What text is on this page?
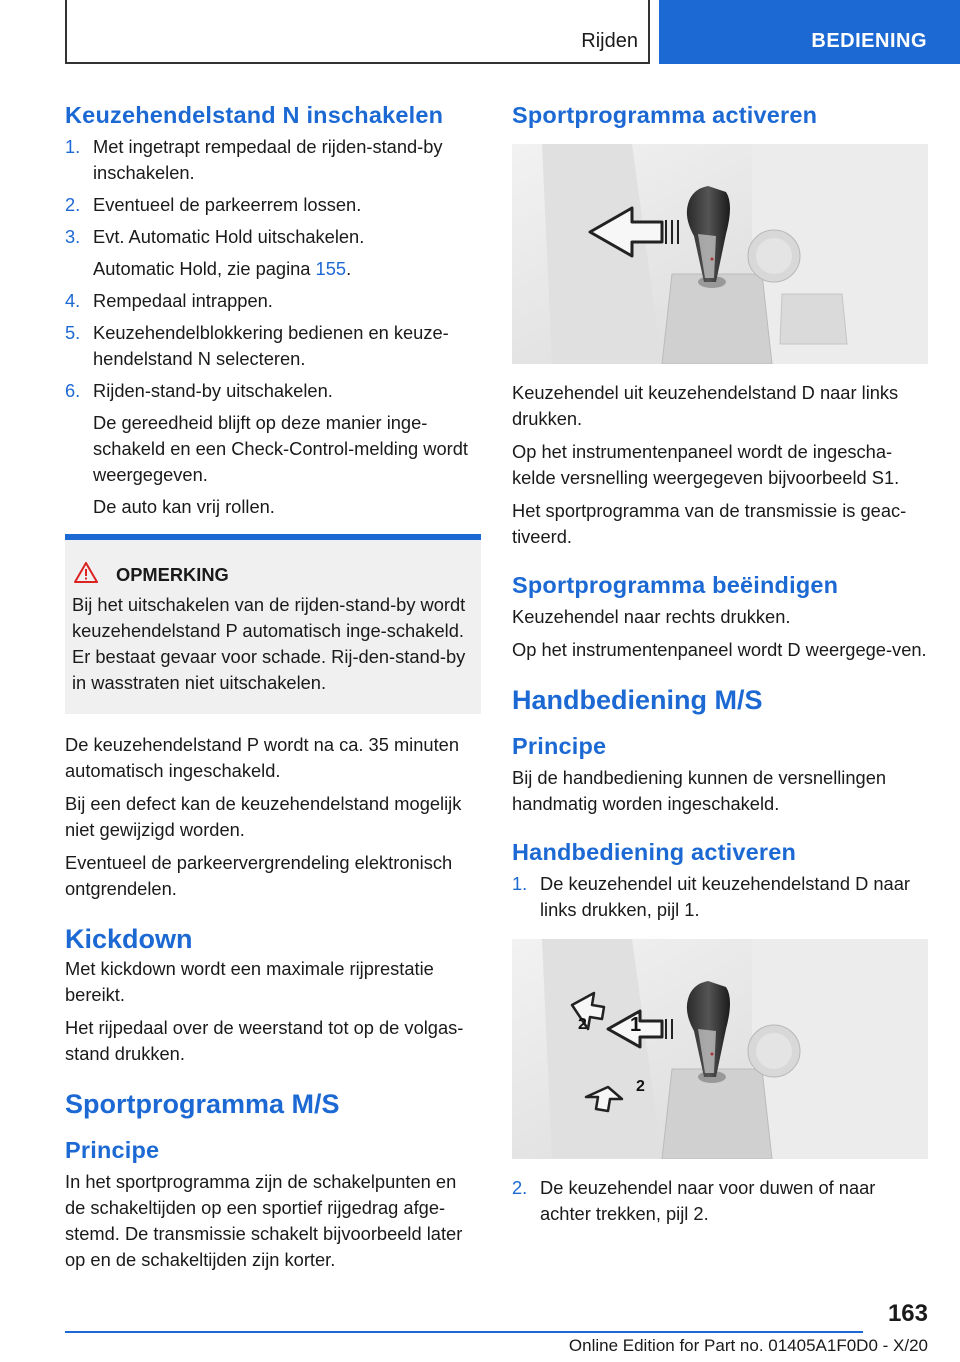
Rijden	BEDIENING
Keuzehendelstand N inschakelen
1. Met ingetrapt rempedaal de rijden-stand-by inschakelen.
2. Eventueel de parkeerrem lossen.
3. Evt. Automatic Hold uitschakelen.
Automatic Hold, zie pagina 155.
4. Rempedaal intrappen.
5. Keuzehendelblokkering bedienen en keuze-hendelstand N selecteren.
6. Rijden-stand-by uitschakelen.
De gereedheid blijft op deze manier inge-schakeld en een Check-Control-melding wordt weergegeven.
De auto kan vrij rollen.
OPMERKING

Bij het uitschakelen van de rijden-stand-by wordt keuzehendelstand P automatisch inge-schakeld. Er bestaat gevaar voor schade. Rij-den-stand-by in wasstraten niet uitschakelen.

De keuzehendelstand P wordt na ca. 35 minuten automatisch ingeschakeld.

Bij een defect kan de keuzehendelstand mogelijk niet gewijzigd worden.

Eventueel de parkeervergrendeling elektronisch ontgrendelen.

Kickdown

Met kickdown wordt een maximale rijprestatie bereikt.

Het rijpedaal over de weerstand tot op de volgas-stand drukken.

Sportprogramma M/S
Principe

In het sportprogramma zijn de schakelpunten en de schakeltijden op een sportief rijgedrag afge-stemd. De transmissie schakelt bijvoorbeeld later op en de schakeltijden zijn korter.

Sportprogramma activeren

Keuzehendel uit keuzehendelstand D naar links drukken.

Op het instrumentenpaneel wordt de ingescha-kelde versnelling weergegeven bijvoorbeeld S1.

Het sportprogramma van de transmissie is geac-tiveerd.

Sportprogramma beëindigen

Keuzehendel naar rechts drukken.

Op het instrumentenpaneel wordt D weergege-ven.

Handbediening M/S
Principe

Bij de handbediening kunnen de versnellingen handmatig worden ingeschakeld.

Handbediening activeren
1. De keuzehendel uit keuzehendelstand D naar links drukken, pijl 1.
1
2
2
2. De keuzehendel naar voor duwen of naar achter trekken, pijl 2.
163
Online Edition for Part no. 01405A1F0D0 - X/20
